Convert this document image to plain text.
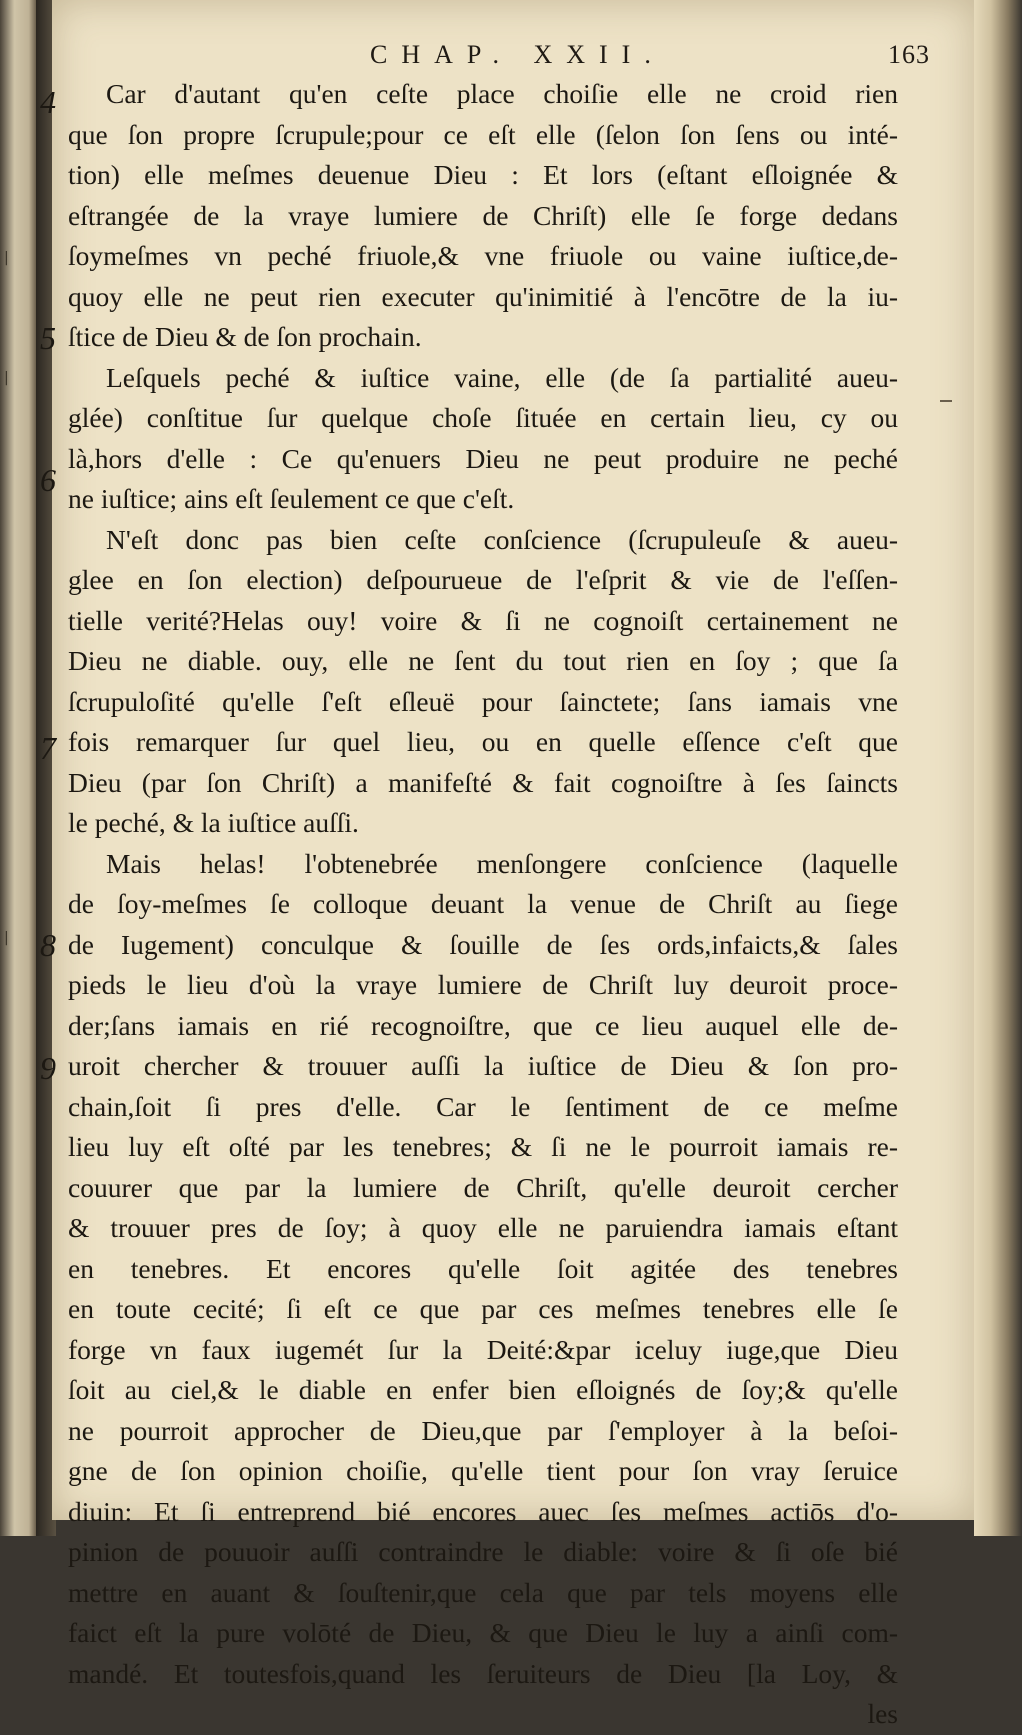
|
|
|
CHAP. XXII.	163
4
5
6
7
8
9
Car d'autant qu'en ceſte place choiſie elle ne croid rien
que ſon propre ſcrupule;pour ce eſt elle (ſelon ſon ſens ou inté-
tion) elle meſmes deuenue Dieu : Et lors (eſtant eſloignée &
eſtrangée de la vraye lumiere de Chriſt) elle ſe forge dedans
ſoymeſmes vn peché friuole,& vne friuole ou vaine iuſtice,de-
quoy elle ne peut rien executer qu'inimitié à l'encōtre de la iu-
ſtice de Dieu & de ſon prochain.
Leſquels peché & iuſtice vaine, elle (de ſa partialité aueu-
glée) conſtitue ſur quelque choſe ſituée en certain lieu, cy ou
là,hors d'elle : Ce qu'enuers Dieu ne peut produire ne peché
ne iuſtice; ains eſt ſeulement ce que c'eſt.
N'eſt donc pas bien ceſte conſcience (ſcrupuleuſe & aueu-
glee en ſon election) deſpourueue de l'eſprit & vie de l'eſſen-
tielle verité?Helas ouy! voire & ſi ne cognoiſt certainement ne
Dieu ne diable. ouy, elle ne ſent du tout rien en ſoy ; que ſa
ſcrupuloſité qu'elle ſ'eſt eſleuë pour ſainctete; ſans iamais vne
fois remarquer ſur quel lieu, ou en quelle eſſence c'eſt que
Dieu (par ſon Chriſt) a manifeſté & fait cognoiſtre à ſes ſaincts
le peché, & la iuſtice auſſi.
Mais helas! l'obtenebrée menſongere conſcience (laquelle
de ſoy-meſmes ſe colloque deuant la venue de Chriſt au ſiege
de Iugement) conculque & ſouille de ſes ords,infaicts,& ſales
pieds le lieu d'où la vraye lumiere de Chriſt luy deuroit proce-
der;ſans iamais en rié recognoiſtre, que ce lieu auquel elle de-
uroit chercher & trouuer auſſi la iuſtice de Dieu & ſon pro-
chain,ſoit ſi pres d'elle. Car le ſentiment de ce meſme
lieu luy eſt oſté par les tenebres; & ſi ne le pourroit iamais re-
couurer que par la lumiere de Chriſt, qu'elle deuroit cercher
& trouuer pres de ſoy; à quoy elle ne paruiendra iamais eſtant
en tenebres. Et encores qu'elle ſoit agitée des tenebres
en toute cecité; ſi eſt ce que par ces meſmes tenebres elle ſe
forge vn faux iugemét ſur la Deité:&par iceluy iuge,que Dieu
ſoit au ciel,& le diable en enfer bien eſloignés de ſoy;& qu'elle
ne pourroit approcher de Dieu,que par ſ'employer à la beſoi-
gne de ſon opinion choiſie, qu'elle tient pour ſon vray ſeruice
diuin: Et ſi entreprend bié encores auec ſes meſmes actiōs d'o-
pinion de pouuoir auſſi contraindre le diable: voire & ſi oſe bié
mettre en auant & ſouſtenir,que cela que par tels moyens elle
faict eſt la pure volōté de Dieu, & que Dieu le luy a ainſi com-
mandé. Et toutesfois,quand les ſeruiteurs de Dieu [la Loy, &
les
